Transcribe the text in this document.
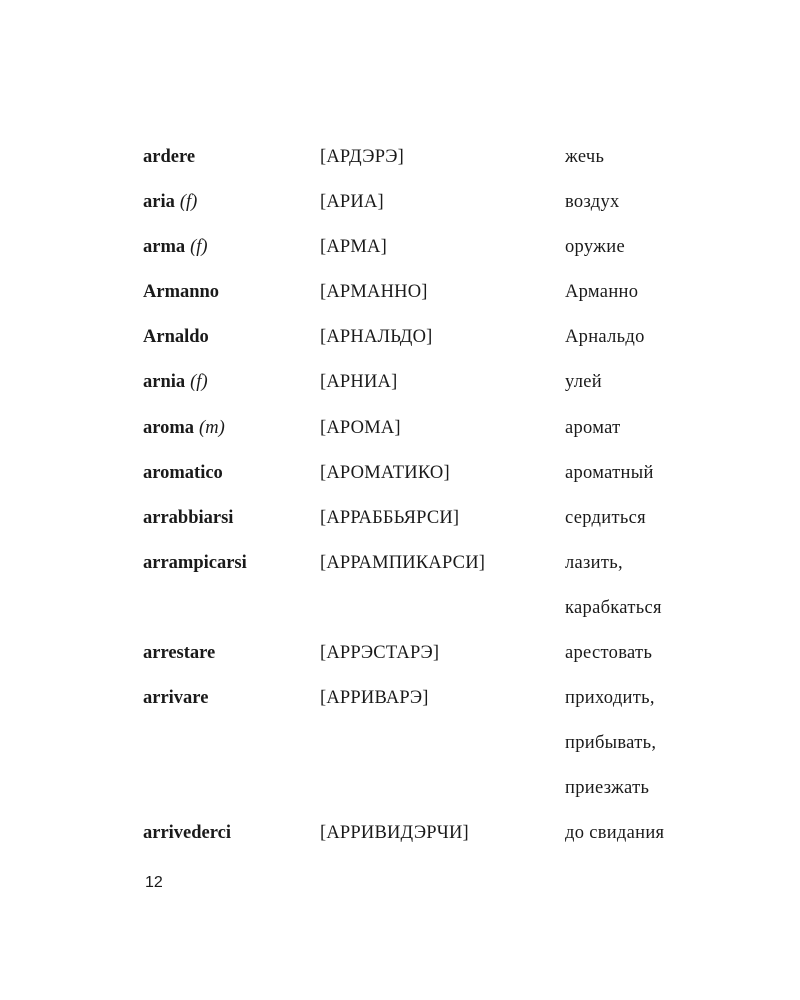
ardere	[АРДЭРЭ]	жечь
aria (f)	[АРИА]	воздух
arma (f)	[АРМА]	оружие
Armanno	[АРМАННО]	Арманно
Arnaldo	[АРНАЛЬДО]	Арнальдо
arnia (f)	[АРНИА]	улей
aroma (m)	[АРОМА]	аромат
aromatico	[АРОМАТИКО]	ароматный
arrabbiarsi	[АРРАББЬЯРСИ]	сердиться
arrampicarsi	[АРРАМПИКАРСИ]	лазить,
карабкаться
arrestare	[АРРЭСТАРЭ]	арестовать
arrivare	[АРРИВАРЭ]	приходить,
прибывать,
приезжать
arrivederci	[АРРИВИДЭРЧИ]	до свидания
12
